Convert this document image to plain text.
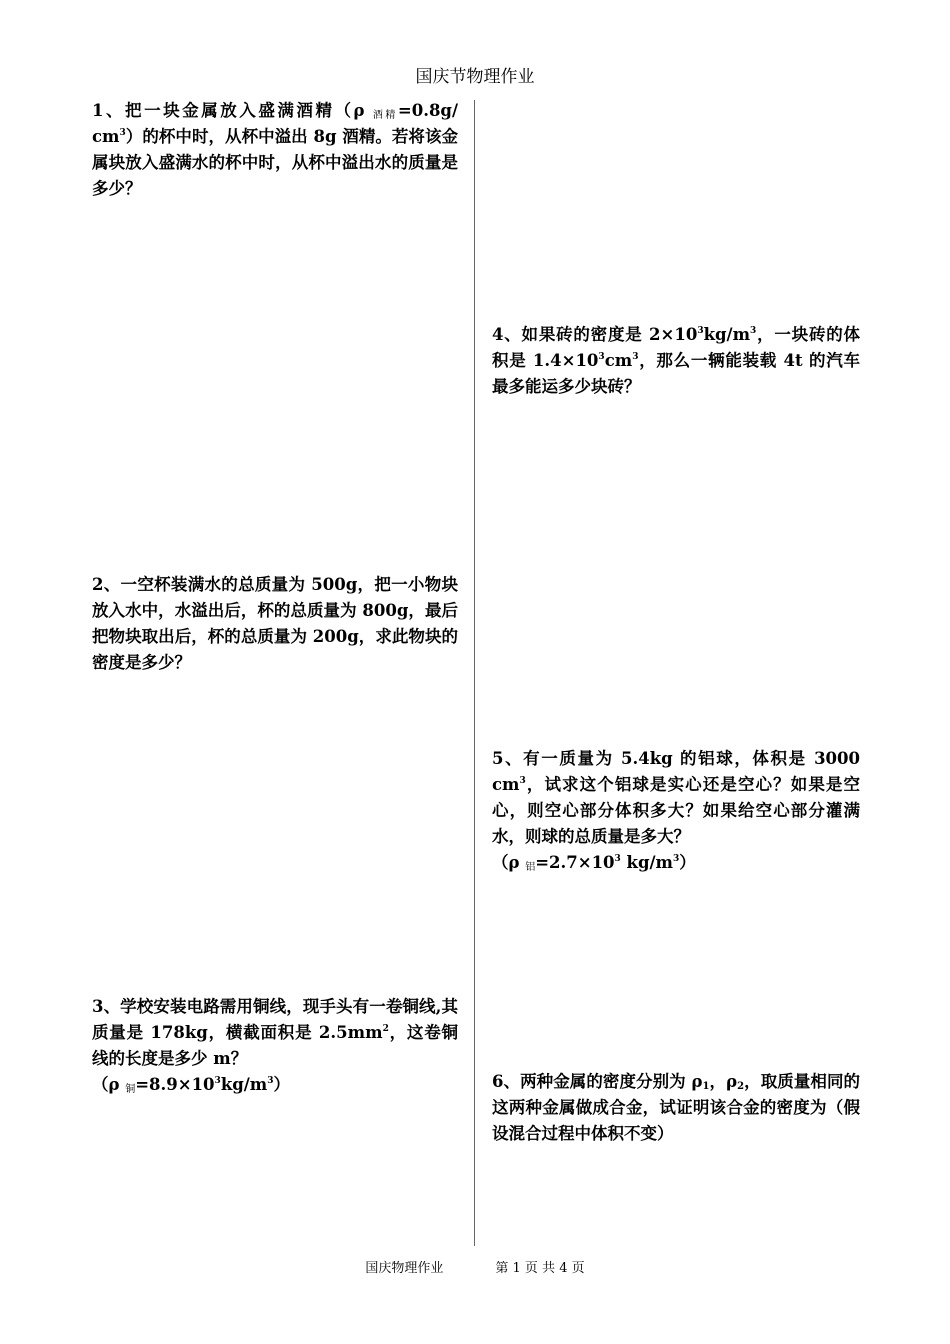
国庆节物理作业
1、把一块金属放入盛满酒精（ρ $_{酒精}$=0.8g/ $cm^3$）的杯中时，从杯中溢出 8g 酒精。若将该金属块放入盛满水的杯中时，从杯中溢出水的质量是多少？
2、一空杯装满水的总质量为 500g，把一小物块放入水中，水溢出后，杯的总质量为 800g，最后把物块取出后，杯的总质量为 200g，求此物块的密度是多少？
3、学校安装电路需用铜线，现手头有一卷铜线,其质量是 178kg，横截面积是 $2.5mm^2$，这卷铜线的长度是多少 m？
（ρ $_铜=8.9\times 10^3kg/m^3$）
4、如果砖的密度是 $2\times 10^3kg/m^3$，一块砖的体积是 $1.4\times 10^3cm^3$，那么一辆能装载 4t 的汽车最多能运多少块砖？
5、有一质量为 5.4kg 的铝球，体积是 3000 $cm^3$，试求这个铝球是实心还是空心？如果是空心，则空心部分体积多大？如果给空心部分灌满水，则球的总质量是多大？
（ρ $_铝=2.7\times 10^3$ $kg/m^3$）
6、两种金属的密度分别为 $\rho_1$，$\rho_2$，取质量相同的这两种金属做成合金，试证明该合金的密度为（假设混合过程中体积不变）
国庆物理作业	第 1 页 共 4 页
